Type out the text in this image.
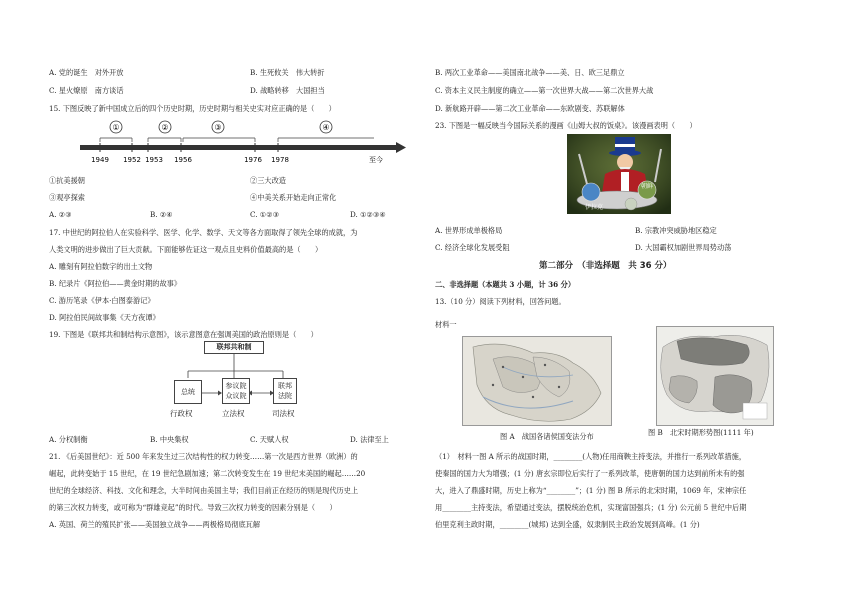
A. 党的诞生　对外开放	B. 生死攸关　伟大转折
C. 星火燎原　南方谈话	D. 战略转移　大国担当
15. 下图反映了新中国成立后的四个历史时期，历史时期与相关史实对应正确的是（　　）
①	②	③	④
1949 1952 1953 1956	1976 1978	至今
①抗美援朝	②三大改造
③观亭探索	④中美关系开始走向正常化
A. ②③	B. ②④	C. ①②③	D. ①②③④
17. 中世纪的阿拉伯人在实验科学、医学、化学、数学、天文等各方面取得了领先全球的成就，为
人类文明的进步做出了巨大贡献。下面能够佐证这一观点且史料价值最高的是（　　）
A. 雕刻有阿拉伯数字的出土文物
B. 纪录片《阿拉伯——黄金时期的故事》
C. 游历笔录《伊本·白图泰游记》
D. 阿拉伯民间故事集《天方夜谭》
19. 下图是《联邦共和制结构示意图》，该示意图意在强调美国的政治原则是（　　）
联邦共和制
总统
参议院
众议院
联邦
法院
行政权	立法权	司法权
A. 分权制衡	B. 中央集权	C. 天赋人权	D. 法律至上
21. 《后美国世纪》：近 500 年来发生过三次结构性的权力转变……第一次是西方世界（欧洲）的
崛起，此转变始于 15 世纪，在 19 世纪急剧加速；第二次转变发生在 19 世纪末美国的崛起……20
世纪的全球经济、科技、文化和理念，大半时间由美国主导；我们目前正在经历的则是现代历史上
的第三次权力转变，或可称为“群雄竞起”的时代。导致三次权力转变的因素分别是（　　）
A. 英国、荷兰的殖民扩张——美国独立战争——两极格局彻底瓦解
B. 两次工业革命——美国南北战争——美、日、欧三足鼎立
C. 资本主义民主制度的确立——第一次世界大战——第二次世界大战
D. 新航路开辟——第二次工业革命——东欧剧变、苏联解体
23. 下图是一幅反映当今国际关系的漫画《山姆大叔的饭桌》。该漫画表明（　　）
伊拉克
朝鲜
A. 世界形成单极格局	B. 宗教冲突威胁地区稳定
C. 经济全球化发展受阻	D. 大国霸权加剧世界局势动荡
第二部分　（非选择题　共 36 分）
二、非选择题（本题共 3 小题，计 36 分）
13.（10 分）阅读下列材料，回答问题。
材料一
图 A　战国各诸侯国变法分布	图 B　北宋时期形势图(1111 年)
（1）　材料一图 A 所示的战国时期，________(人物)任用商鞅主持变法，并推行一系列改革措施，
使秦国的国力大为增强；(1 分) 唐玄宗即位后实行了一系列改革，使唐朝的国力达到前所未有的强
大，进入了鼎盛时期，历史上称为“________”；(1 分) 图 B 所示的北宋时期，1069 年，宋神宗任
用________主持变法，希望通过变法，摆脱统治危机，实现富国强兵；(1 分) 公元前 5 世纪中后期
伯里克利主政时期，________(城邦) 达到全盛，奴隶制民主政治发展到高峰。(1 分)
